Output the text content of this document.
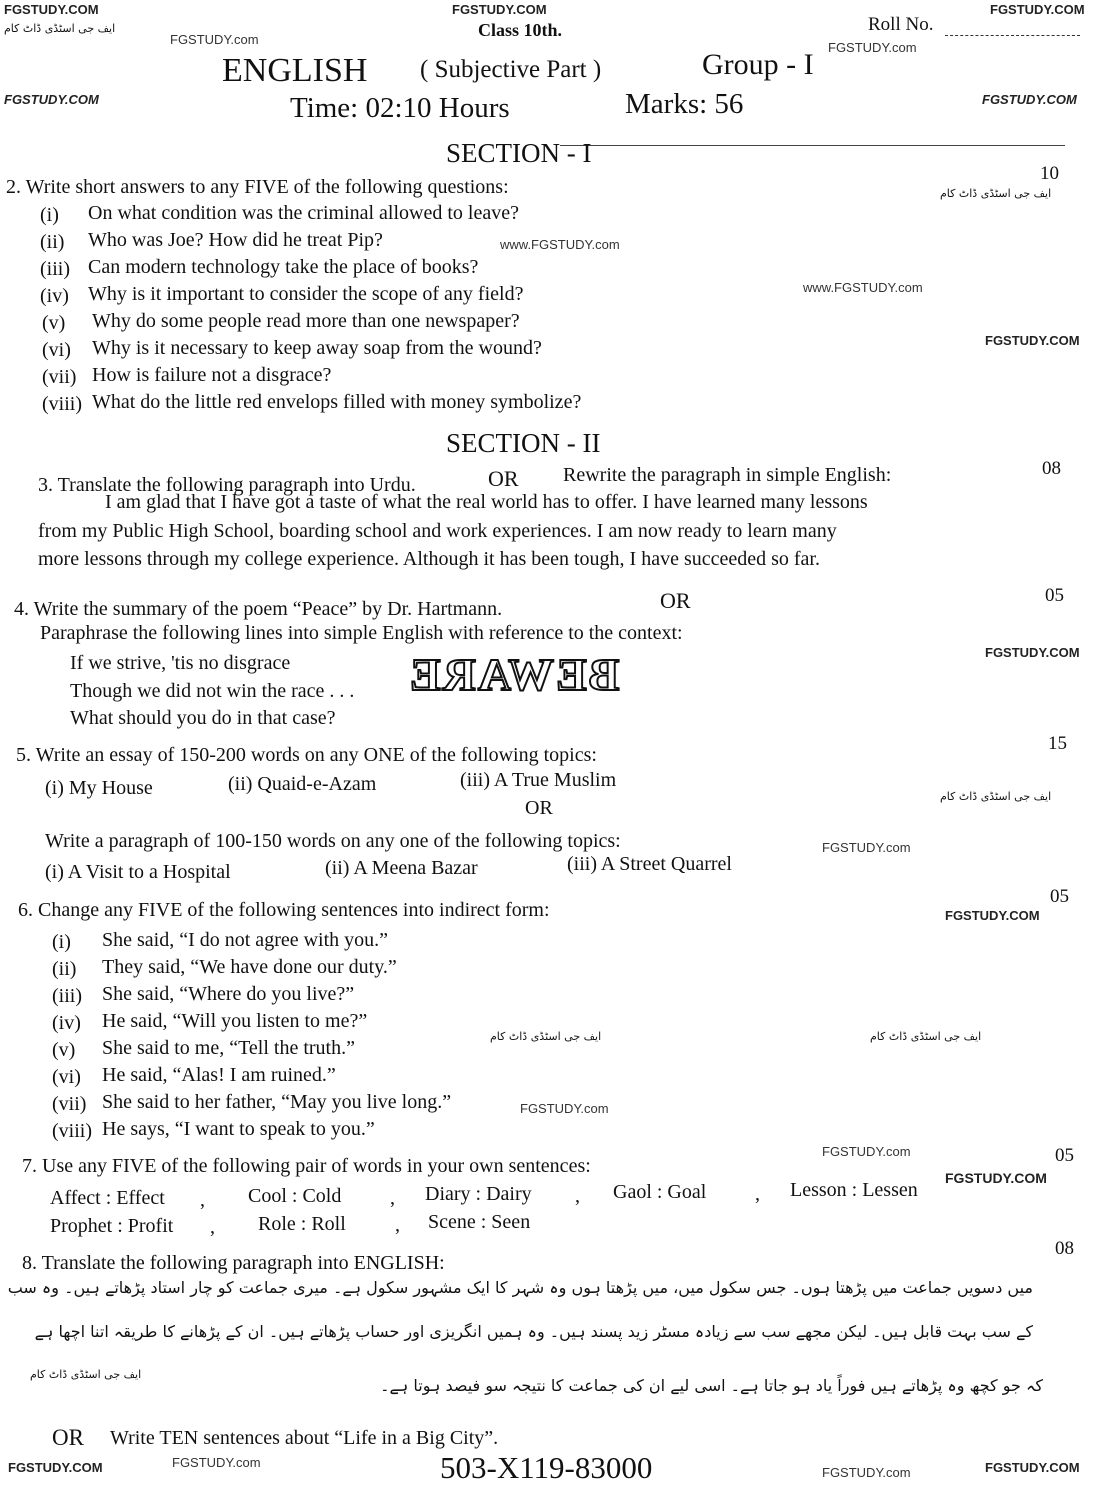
FGSTUDY.COM	FGSTUDY.COM	FGSTUDY.COM
FGSTUDY.com
FGSTUDY.com
ایف جی اسٹڈی ڈاٹ کام
FGSTUDY.COM	FGSTUDY.COM
ایف جی اسٹڈی ڈاٹ کام
www.FGSTUDY.com
www.FGSTUDY.com
FGSTUDY.COM
FGSTUDY.COM
ایف جی اسٹڈی ڈاٹ کام
FGSTUDY.com
FGSTUDY.COM
ایف جی اسٹڈی ڈاٹ کام	ایف جی اسٹڈی ڈاٹ کام
FGSTUDY.com
FGSTUDY.com
FGSTUDY.COM
ایف جی اسٹڈی ڈاٹ کام
FGSTUDY.COM	FGSTUDY.com
FGSTUDY.com	FGSTUDY.COM
Class 10th.	Roll No.
ENGLISH ( Subjective Part )	Group - I
Time: 02:10 Hours	Marks: 56
SECTION - I
10
2. Write short answers to any FIVE of the following questions:
(i) On what condition was the criminal allowed to leave?
(ii) Who was Joe? How did he treat Pip?
(iii) Can modern technology take the place of books?
(iv) Why is it important to consider the scope of any field?
(v) Why do some people read more than one newspaper?
(vi) Why is it necessary to keep away soap from the wound?
(vii) How is failure not a disgrace?
(viii) What do the little red envelops filled with money symbolize?
SECTION - II
08
3. Translate the following paragraph into Urdu.	OR Rewrite the paragraph in simple English:
I am glad that I have got a taste of what the real world has to offer. I have learned many lessons
from my Public High School, boarding school and work experiences. I am now ready to learn many
more lessons through my college experience. Although it has been tough, I have succeeded so far.
05
4. Write the summary of the poem “Peace” by Dr. Hartmann.	OR
Paraphrase the following lines into simple English with reference to the context:
If we strive, 'tis no disgrace
Though we did not win the race . . .
What should you do in that case?
BEWARE
15
5. Write an essay of 150-200 words on any ONE of the following topics:
(i) My House	(ii) Quaid-e-Azam	(iii) A True Muslim
OR
Write a paragraph of 100-150 words on any one of the following topics:
(i) A Visit to a Hospital	(ii) A Meena Bazar	(iii) A Street Quarrel
05
6. Change any FIVE of the following sentences into indirect form:
(i) She said, “I do not agree with you.”
(ii) They said, “We have done our duty.”
(iii) She said, “Where do you live?”
(iv) He said, “Will you listen to me?”
(v) She said to me, “Tell the truth.”
(vi) He said, “Alas! I am ruined.”
(vii) She said to her father, “May you live long.”
(viii) He says, “I want to speak to you.”
05
7. Use any FIVE of the following pair of words in your own sentences:
Affect : Effect	Cool : Cold	Diary : Dairy	Gaol : Goal	Lesson : Lessen
,	,	,	,
Prophet : Profit	Role : Roll	Scene : Seen
,	,
08
8. Translate the following paragraph into ENGLISH:
میں دسویں جماعت میں پڑھتا ہوں۔ جس سکول میں، میں پڑھتا ہوں وہ شہر کا ایک مشہور سکول ہے۔ میری جماعت کو چار استاد پڑھاتے ہیں۔ وہ سب
کے سب بہت قابل ہیں۔ لیکن مجھے سب سے زیادہ مسٹر زید پسند ہیں۔ وہ ہمیں انگریزی اور حساب پڑھاتے ہیں۔ ان کے پڑھانے کا طریقہ اتنا اچھا ہے
کہ جو کچھ وہ پڑھاتے ہیں فوراً یاد ہو جاتا ہے۔ اسی لیے ان کی جماعت کا نتیجہ سو فیصد ہوتا ہے۔
OR Write TEN sentences about “Life in a Big City”.
503-X119-83000
